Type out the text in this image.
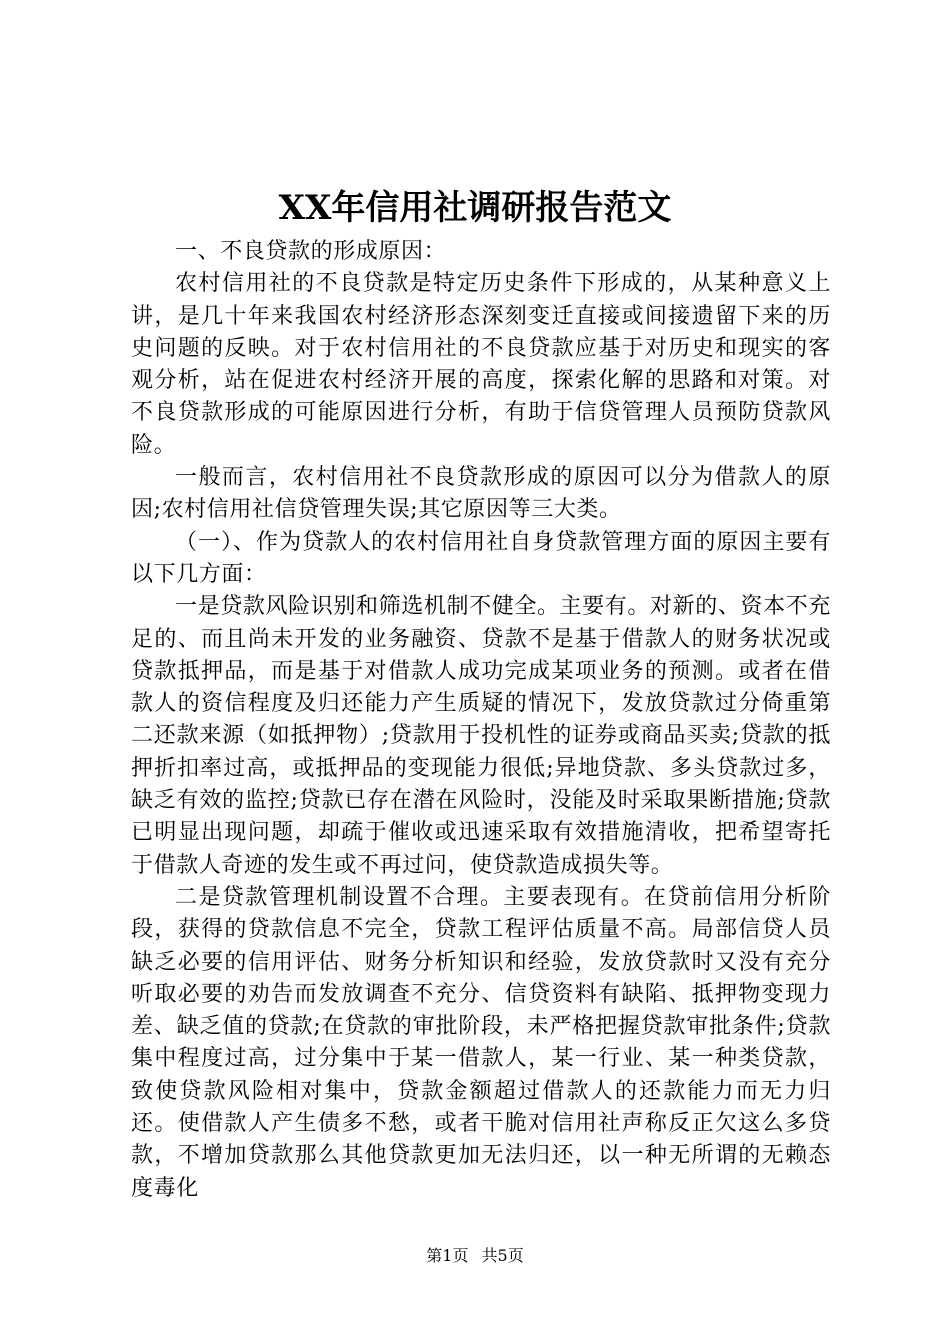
XX年信用社调研报告范文

一、不良贷款的形成原因：

农村信用社的不良贷款是特定历史条件下形成的，从某种意义上讲，是几十年来我国农村经济形态深刻变迁直接或间接遗留下来的历史问题的反映。对于农村信用社的不良贷款应基于对历史和现实的客观分析，站在促进农村经济开展的高度，探索化解的思路和对策。对不良贷款形成的可能原因进行分析，有助于信贷管理人员预防贷款风险。

一般而言，农村信用社不良贷款形成的原因可以分为借款人的原因;农村信用社信贷管理失误;其它原因等三大类。

（一）、作为贷款人的农村信用社自身贷款管理方面的原因主要有以下几方面：

一是贷款风险识别和筛选机制不健全。主要有。对新的、资本不充足的、而且尚未开发的业务融资、贷款不是基于借款人的财务状况或贷款抵押品，而是基于对借款人成功完成某项业务的预测。或者在借款人的资信程度及归还能力产生质疑的情况下，发放贷款过分倚重第二还款来源（如抵押物）;贷款用于投机性的证券或商品买卖;贷款的抵押折扣率过高，或抵押品的变现能力很低;异地贷款、多头贷款过多，缺乏有效的监控;贷款已存在潜在风险时，没能及时采取果断措施;贷款已明显出现问题，却疏于催收或迅速采取有效措施清收，把希望寄托于借款人奇迹的发生或不再过问，使贷款造成损失等。

二是贷款管理机制设置不合理。主要表现有。在贷前信用分析阶段，获得的贷款信息不完全，贷款工程评估质量不高。局部信贷人员缺乏必要的信用评估、财务分析知识和经验，发放贷款时又没有充分听取必要的劝告而发放调查不充分、信贷资料有缺陷、抵押物变现力差、缺乏值的贷款;在贷款的审批阶段，未严格把握贷款审批条件;贷款集中程度过高，过分集中于某一借款人，某一行业、某一种类贷款，致使贷款风险相对集中，贷款金额超过借款人的还款能力而无力归还。使借款人产生债多不愁，或者干脆对信用社声称反正欠这么多贷款，不增加贷款那么其他贷款更加无法归还，以一种无所谓的无赖态度毒化

第1页 共5页
